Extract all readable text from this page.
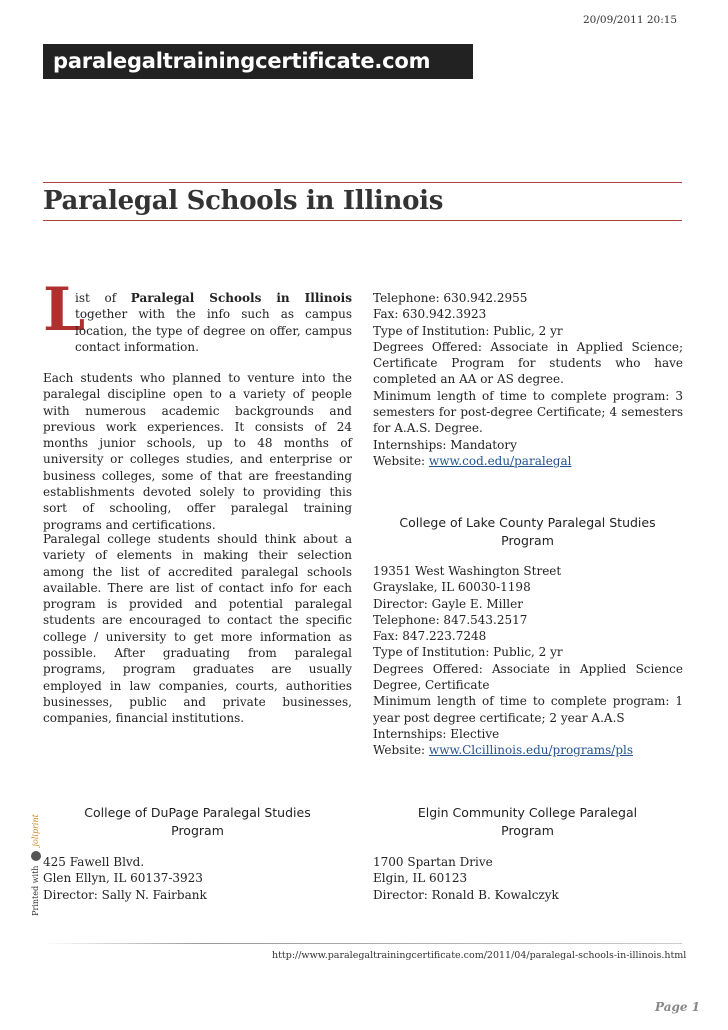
20/09/2011 20:15
paralegaltrainingcertificate.com
Paralegal Schools in Illinois
L
ist of Paralegal Schools in Illinois together with the info such as campus location, the type of degree on offer, campus contact information.
Each students who planned to venture into the paralegal discipline open to a variety of people with numerous academic backgrounds and previous work experiences. It consists of 24 months junior schools, up to 48 months of university or colleges studies, and enterprise or business colleges, some of that are freestanding establishments devoted solely to providing this sort of schooling, offer paralegal training programs and certifications.
Paralegal college students should think about a variety of elements in making their selection among the list of accredited paralegal schools available. There are list of contact info for each program is provided and potential paralegal students are encouraged to contact the specific college / university to get more information as possible. After graduating from paralegal programs, program graduates are usually employed in law companies, courts, authorities businesses, public and private businesses, companies, financial institutions.

Telephone: 630.942.2955

Fax: 630.942.3923

Type of Institution: Public, 2 yr

Degrees Offered: Associate in Applied Science; Certificate Program for students who have completed an AA or AS degree.

Minimum length of time to complete program: 3 semesters for post-degree Certificate; 4 semesters for A.A.S. Degree.

Internships: Mandatory

Website: www.cod.edu/paralegal

College of Lake County Paralegal Studies Program

19351 West Washington Street

Grayslake, IL 60030-1198

Director: Gayle E. Miller

Telephone: 847.543.2517

Fax: 847.223.7248

Type of Institution: Public, 2 yr

Degrees Offered: Associate in Applied Science Degree, Certificate

Minimum length of time to complete program: 1 year post degree certificate; 2 year A.A.S

Internships: Elective

Website: www.Clcillinois.edu/programs/pls

College of DuPage Paralegal Studies Program

425 Fawell Blvd.

Glen Ellyn, IL 60137-3923

Director: Sally N. Fairbank

Elgin Community College Paralegal Program

1700 Spartan Drive

Elgin, IL 60123

Director: Ronald B. Kowalczyk

Printed with  joliprint
http://www.paralegaltrainingcertificate.com/2011/04/paralegal-schools-in-illinois.html
Page 1
